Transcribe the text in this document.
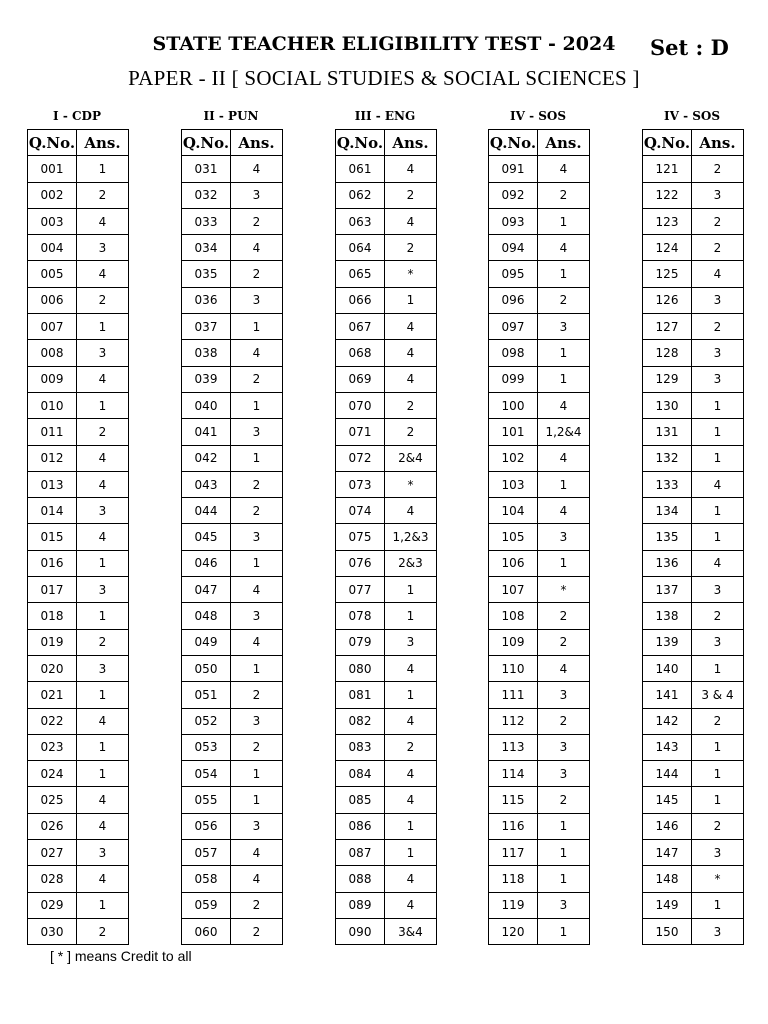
STATE TEACHER ELIGIBILITY TEST - 2024	Set : D
PAPER - II [ SOCIAL STUDIES & SOCIAL SCIENCES ]
I - CDP
Q.No.	Ans.
001	1
002	2
003	4
004	3
005	4
006	2
007	1
008	3
009	4
010	1
011	2
012	4
013	4
014	3
015	4
016	1
017	3
018	1
019	2
020	3
021	1
022	4
023	1
024	1
025	4
026	4
027	3
028	4
029	1
030	2
II - PUN
Q.No.	Ans.
031	4
032	3
033	2
034	4
035	2
036	3
037	1
038	4
039	2
040	1
041	3
042	1
043	2
044	2
045	3
046	1
047	4
048	3
049	4
050	1
051	2
052	3
053	2
054	1
055	1
056	3
057	4
058	4
059	2
060	2
III - ENG
Q.No.	Ans.
061	4
062	2
063	4
064	2
065	*
066	1
067	4
068	4
069	4
070	2
071	2
072	2&4
073	*
074	4
075	1,2&3
076	2&3
077	1
078	1
079	3
080	4
081	1
082	4
083	2
084	4
085	4
086	1
087	1
088	4
089	4
090	3&4
IV - SOS
Q.No.	Ans.
091	4
092	2
093	1
094	4
095	1
096	2
097	3
098	1
099	1
100	4
101	1,2&4
102	4
103	1
104	4
105	3
106	1
107	*
108	2
109	2
110	4
111	3
112	2
113	3
114	3
115	2
116	1
117	1
118	1
119	3
120	1
IV - SOS
Q.No.	Ans.
121	2
122	3
123	2
124	2
125	4
126	3
127	2
128	3
129	3
130	1
131	1
132	1
133	4
134	1
135	1
136	4
137	3
138	2
139	3
140	1
141	3 & 4
142	2
143	1
144	1
145	1
146	2
147	3
148	*
149	1
150	3
[ * ] means Credit to all
